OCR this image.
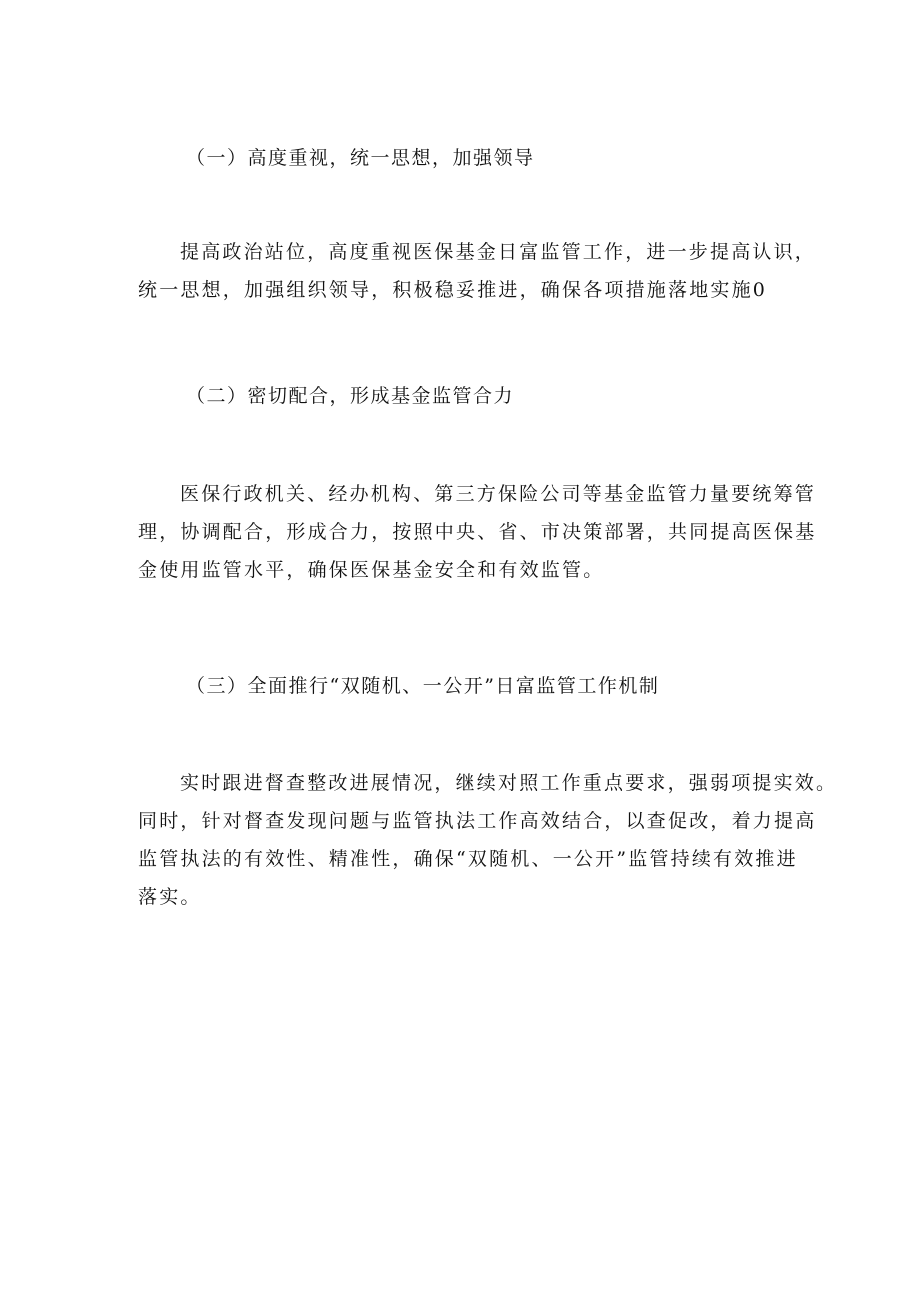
（一）高度重视，统一思想，加强领导
提高政治站位，高度重视医保基金日富监管工作，进一步提高认识，
统一思想，加强组织领导，积极稳妥推进，确保各项措施落地实施0
（二）密切配合，形成基金监管合力
医保行政机关、经办机构、第三方保险公司等基金监管力量要统筹管
理，协调配合，形成合力，按照中央、省、市决策部署，共同提高医保基
金使用监管水平，确保医保基金安全和有效监管。
（三）全面推行“双随机、一公开”日富监管工作机制
实时跟进督查整改进展情况，继续对照工作重点要求，强弱项提实效。
同时，针对督查发现问题与监管执法工作高效结合，以查促改，着力提高
监管执法的有效性、精准性，确保“双随机、一公开”监管持续有效推进
落实。
